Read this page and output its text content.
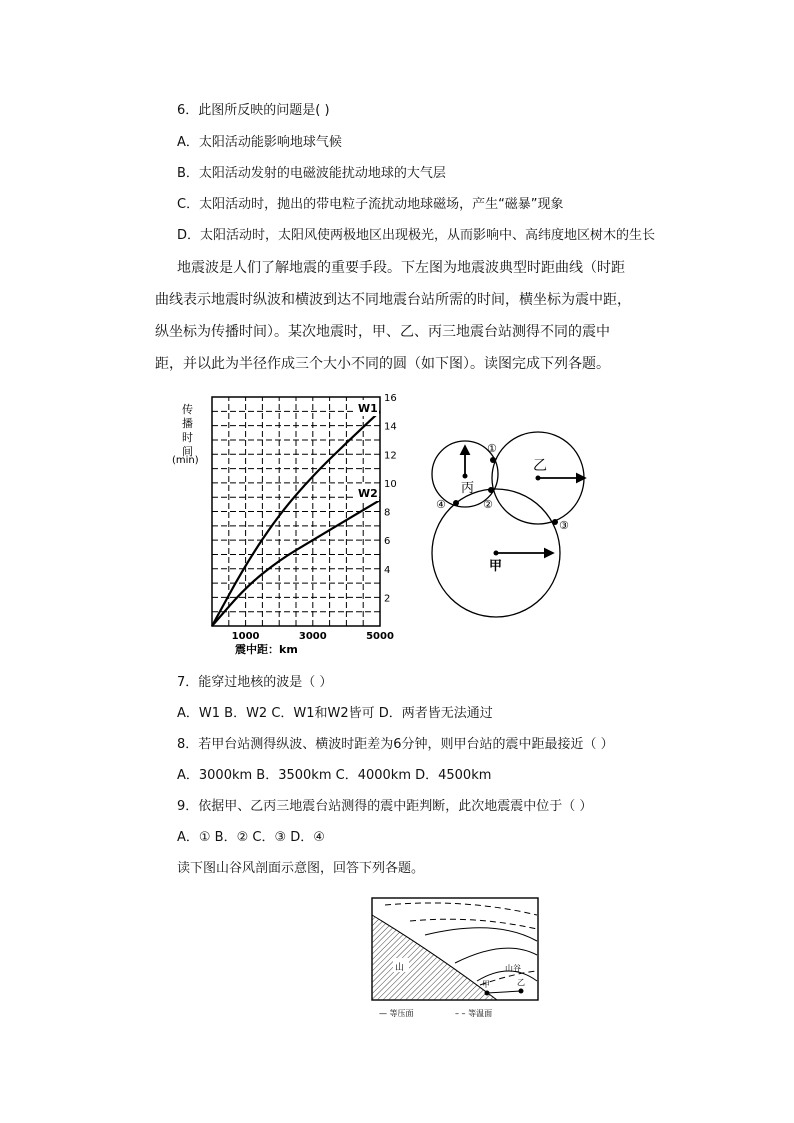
6．此图所反映的问题是( )
A．太阳活动能影响地球气候
B．太阳活动发射的电磁波能扰动地球的大气层
C．太阳活动时，抛出的带电粒子流扰动地球磁场，产生“磁暴”现象
D．太阳活动时，太阳风使两极地区出现极光，从而影响中、高纬度地区树木的生长
地震波是人们了解地震的重要手段。下左图为地震波典型时距曲线（时距曲线表示地震时纵波和横波到达不同地震台站所需的时间，横坐标为震中距，纵坐标为传播时间）。某次地震时，甲、乙、丙三地震台站测得不同的震中距，并以此为半径作成三个大小不同的圆（如下图）。读图完成下列各题。
传
播
时
间
(min)
2
4
6
8
10
12
14
16
1000	3000	5000
震中距：km
W1
W2	丙
乙
甲
①
②
③
④
7．能穿过地核的波是（ ）
A．W1 B．W2 C．W1和W2皆可 D．两者皆无法通过
8．若甲台站测得纵波、横波时距差为6分钟，则甲台站的震中距最接近（ ）
A．3000km B．3500km C．4000km D．4500km
9．依据甲、乙丙三地震台站测得的震中距判断，此次地震震中位于（ ）
A．① B．② C．③ D．④
读下图山谷风剖面示意图，回答下列各题。
山	山谷
甲	乙
— 等压面	– – 等温面
